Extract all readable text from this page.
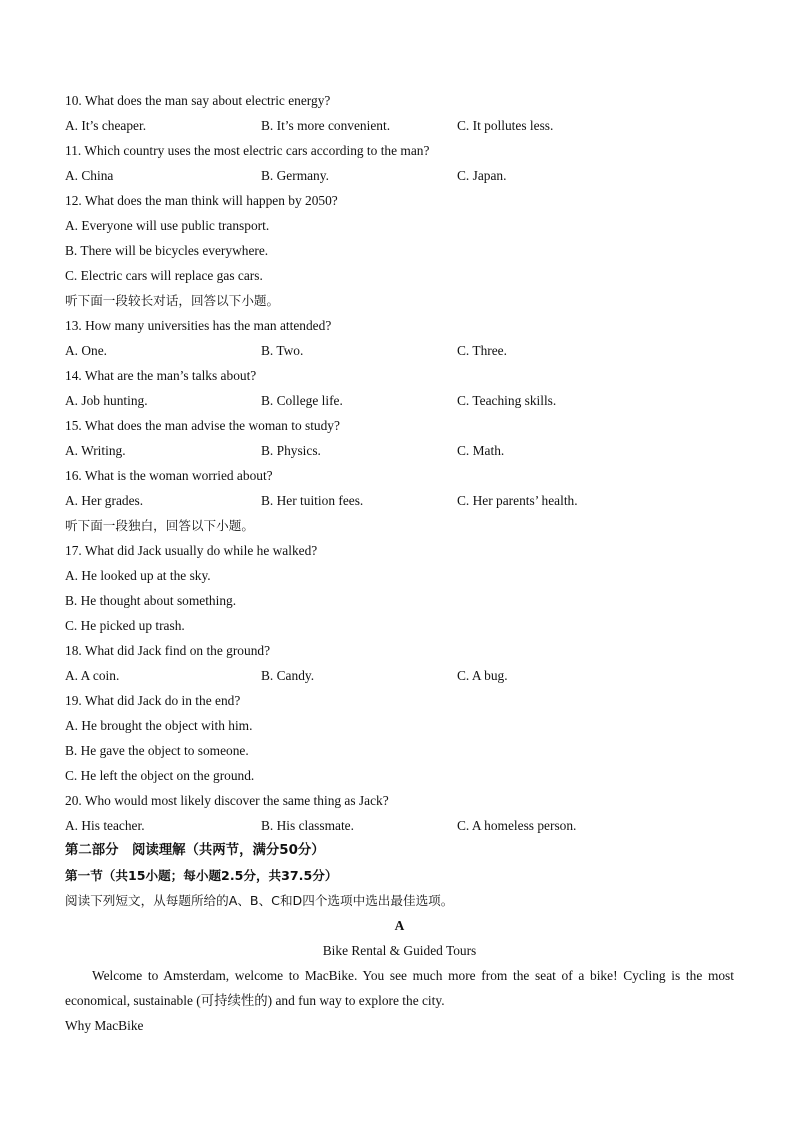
10. What does the man say about electric energy?
A. It’s cheaper.	B. It’s more convenient.	C. It pollutes less.
11. Which country uses the most electric cars according to the man?
A. China	B. Germany.	C. Japan.
12. What does the man think will happen by 2050?
A. Everyone will use public transport.
B. There will be bicycles everywhere.
C. Electric cars will replace gas cars.
听下面一段较长对话，回答以下小题。
13. How many universities has the man attended?
A. One.	B. Two.	C. Three.
14. What are the man’s talks about?
A. Job hunting.	B. College life.	C. Teaching skills.
15. What does the man advise the woman to study?
A. Writing.	B. Physics.	C. Math.
16. What is the woman worried about?
A. Her grades.	B. Her tuition fees.	C. Her parents’ health.
听下面一段独白，回答以下小题。
17. What did Jack usually do while he walked?
A. He looked up at the sky.
B. He thought about something.
C. He picked up trash.
18. What did Jack find on the ground?
A. A coin.	B. Candy.	C. A bug.
19. What did Jack do in the end?
A. He brought the object with him.
B. He gave the object to someone.
C. He left the object on the ground.
20. Who would most likely discover the same thing as Jack?
A. His teacher.	B. His classmate.	C. A homeless person.
第二部分　阅读理解（共两节，满分50分）
第一节（共15小题；每小题2.5分，共37.5分）
阅读下列短文，从每题所给的A、B、C和D四个选项中选出最佳选项。
A
Bike Rental & Guided Tours
Welcome to Amsterdam, welcome to MacBike. You see much more from the seat of a bike! Cycling is the most economical, sustainable (可持续性的) and fun way to explore the city.
Why MacBike
